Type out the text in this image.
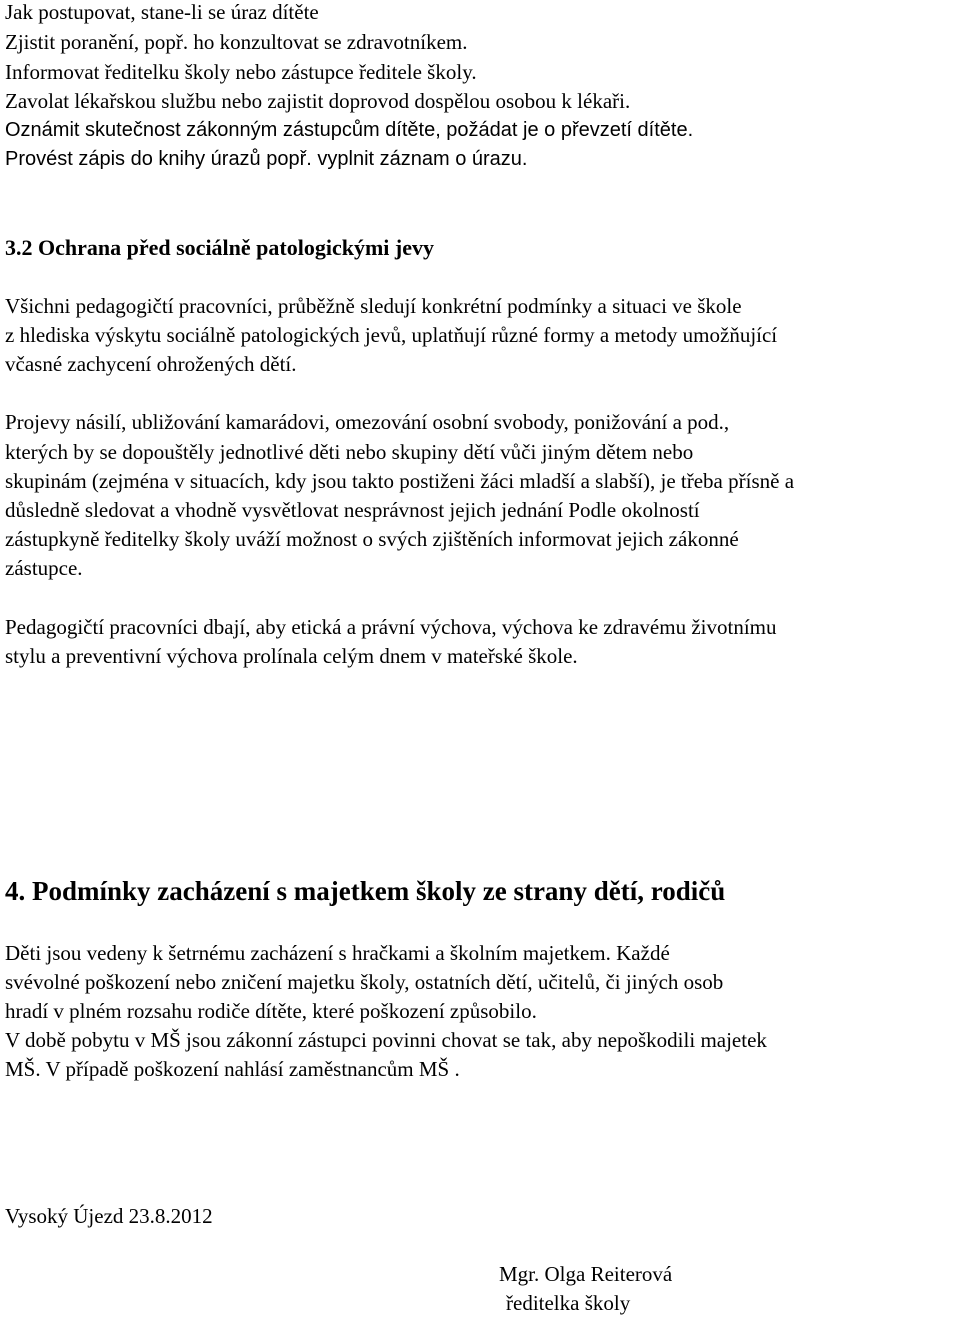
Jak postupovat, stane-li se úraz dítěte
Zjistit poranění, popř. ho konzultovat se zdravotníkem.
Informovat ředitelku školy nebo zástupce ředitele školy.
Zavolat lékařskou službu nebo zajistit doprovod dospělou osobou k lékaři.
Oznámit skutečnost zákonným zástupcům dítěte, požádat je o převzetí dítěte.
Provést zápis do knihy úrazů popř. vyplnit záznam o úrazu.
3.2 Ochrana před sociálně patologickými jevy
Všichni pedagogičtí pracovníci, průběžně sledují konkrétní podmínky a situaci ve škole
z hlediska výskytu sociálně patologických jevů, uplatňují různé formy a metody umožňující
včasné zachycení ohrožených dětí.
Projevy násilí, ubližování kamarádovi, omezování osobní svobody, ponižování a pod.,
kterých by se dopouštěly jednotlivé děti nebo skupiny dětí vůči jiným dětem nebo
skupinám (zejména v situacích, kdy jsou takto postiženi žáci mladší a slabší), je třeba přísně a
důsledně sledovat a vhodně vysvětlovat nesprávnost jejich jednání Podle okolností
zástupkyně ředitelky školy uváží možnost o svých zjištěních informovat jejich zákonné
zástupce.
Pedagogičtí pracovníci dbají, aby etická a právní výchova, výchova ke zdravému životnímu
stylu a preventivní výchova prolínala celým dnem v mateřské škole.
4. Podmínky zacházení s majetkem školy ze strany dětí, rodičů
Děti jsou vedeny k šetrnému zacházení s hračkami a školním majetkem. Každé
svévolné poškození nebo zničení majetku školy, ostatních dětí, učitelů, či jiných osob
hradí v plném rozsahu rodiče dítěte, které poškození způsobilo.
V době pobytu v MŠ jsou zákonní zástupci povinni chovat se tak, aby nepoškodili majetek
MŠ. V případě poškození nahlásí zaměstnancům MŠ .
Vysoký Újezd 23.8.2012
Mgr. Olga Reiterová
ředitelka školy
